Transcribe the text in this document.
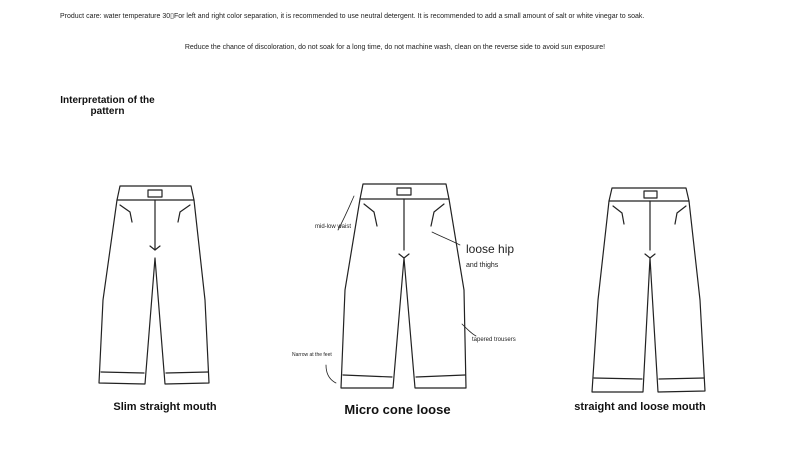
Product care: water temperature 30▯For left and right color separation, it is recommended to use neutral detergent. It is recommended to add a small amount of salt or white vinegar to soak.
Reduce the chance of discoloration, do not soak for a long time, do not machine wash, clean on the reverse side to avoid sun exposure!
Interpretation of the pattern
mid-low waist
loose hip
and thighs
tapered trousers
Narrow at the feet
Slim straight mouth	Micro cone loose	straight and loose mouth
